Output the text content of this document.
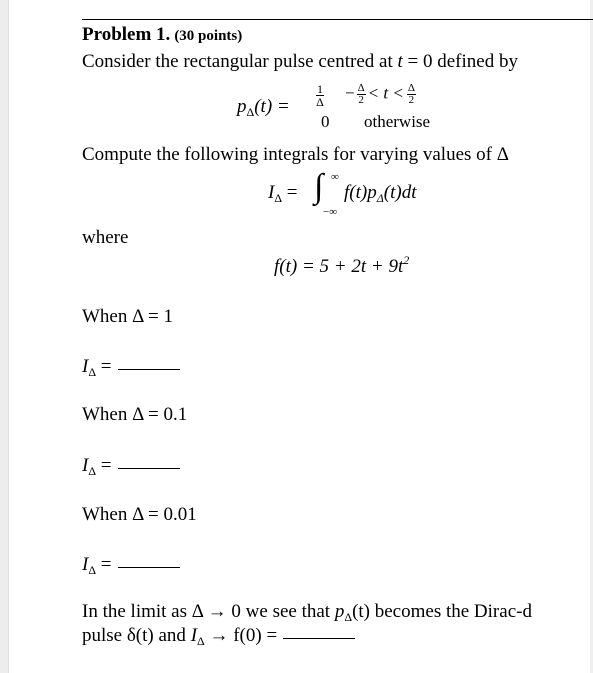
Problem 1. (30 points)
Consider the rectangular pulse centred at t = 0 defined by
$p_\Delta(t) = \frac{1}{\Delta} - \frac{\Delta}{2} < t < \frac{\Delta}{2}$
0 otherwise
Compute the following integrals for varying values of Δ
$I_\Delta$ = ∫ ∞
−∞
$f(t)p_\Delta(t)dt$
where
$f(t) = 5 + 2t + 9t^2$
When Δ = 1
$I_\Delta$ =
When Δ = 0.1
$I_\Delta$ =
When Δ = 0.01
$I_\Delta$ =
In the limit as Δ → 0 we see that $p_\Delta(t)$ becomes the Dirac-d
pulse δ(t) and $I_\Delta \to f(0)$ =
